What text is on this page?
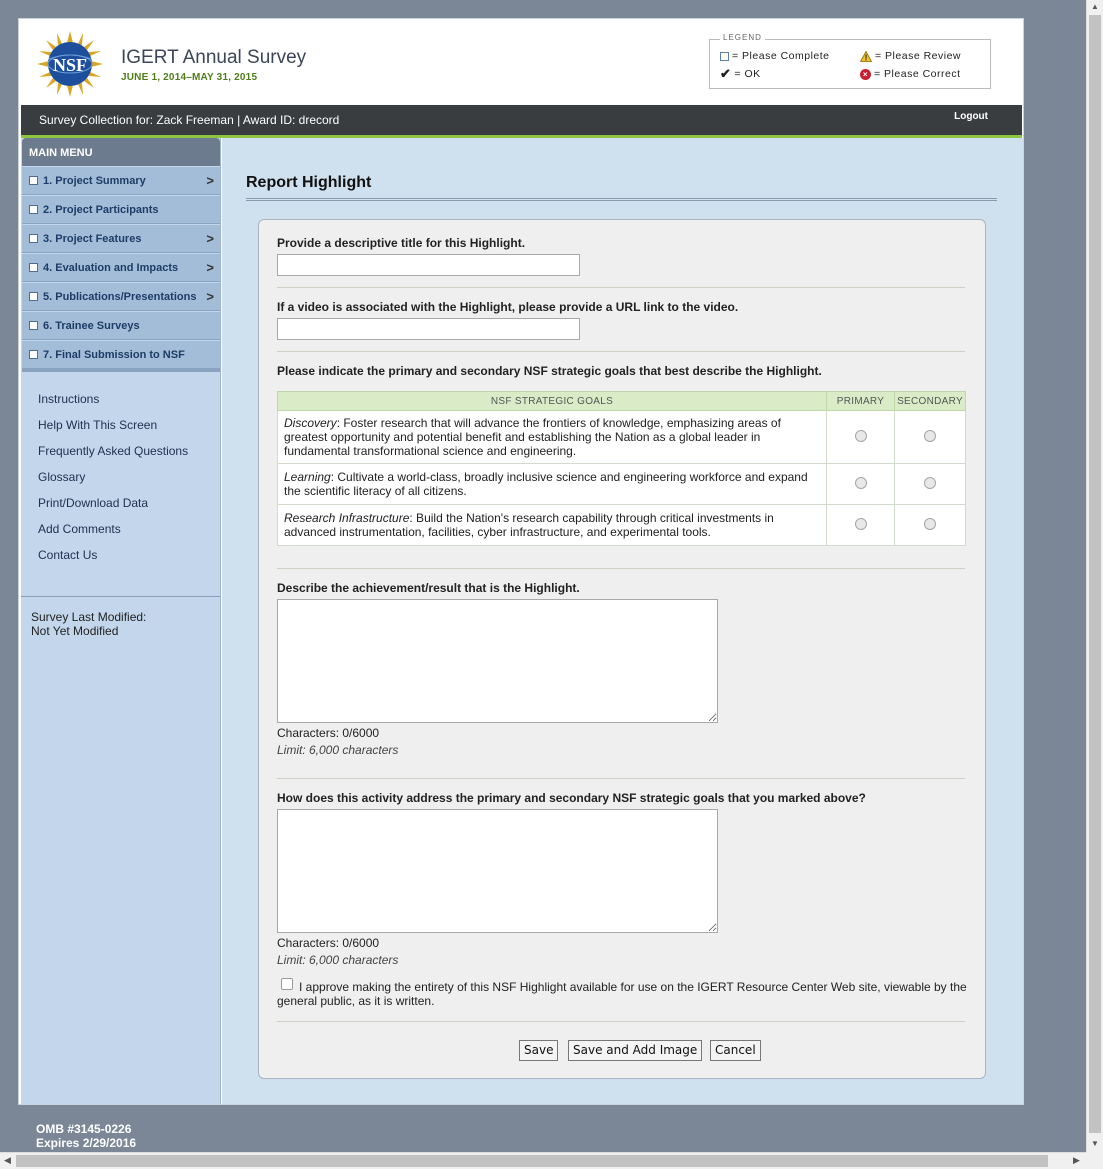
NSF IGERT Annual Survey
JUNE 1, 2014–MAY 31, 2015
LEGEND
= Please Complete	= Please Review
✔ = OK	× = Please Correct
Survey Collection for: Zack Freeman | Award ID: drecord	Logout
MAIN MENU
1. Project Summary	>
2. Project Participants
3. Project Features	>
4. Evaluation and Impacts >
5. Publications/Presentations >
6. Trainee Surveys
7. Final Submission to NSF
Instructions
Help With This Screen
Frequently Asked Questions
Glossary
Print/Download Data
Add Comments
Contact Us
Survey Last Modified:
Not Yet Modified
Report Highlight
Provide a descriptive title for this Highlight.
If a video is associated with the Highlight, please provide a URL link to the video.
Please indicate the primary and secondary NSF strategic goals that best describe the Highlight.
NSF STRATEGIC GOALS	PRIMARY	SECONDARY
Discovery: Foster research that will advance the frontiers of knowledge, emphasizing areas of greatest opportunity and potential benefit and establishing the Nation as a global leader in fundamental transformational science and engineering.		
Learning: Cultivate a world-class, broadly inclusive science and engineering workforce and expand the scientific literacy of all citizens.		
Research Infrastructure: Build the Nation's research capability through critical investments in advanced instrumentation, facilities, cyber infrastructure, and experimental tools.		
Describe the achievement/result that is the Highlight.
Characters: 0/6000
Limit: 6,000 characters
How does this activity address the primary and secondary NSF strategic goals that you marked above?
Characters: 0/6000
Limit: 6,000 characters
I approve making the entirety of this NSF Highlight available for use on the IGERT Resource Center Web site, viewable by the general public, as it is written.
Save	Save and Add Image	Cancel
OMB #3145-0226
Expires 2/29/2016
▲
▼
◀	▶
